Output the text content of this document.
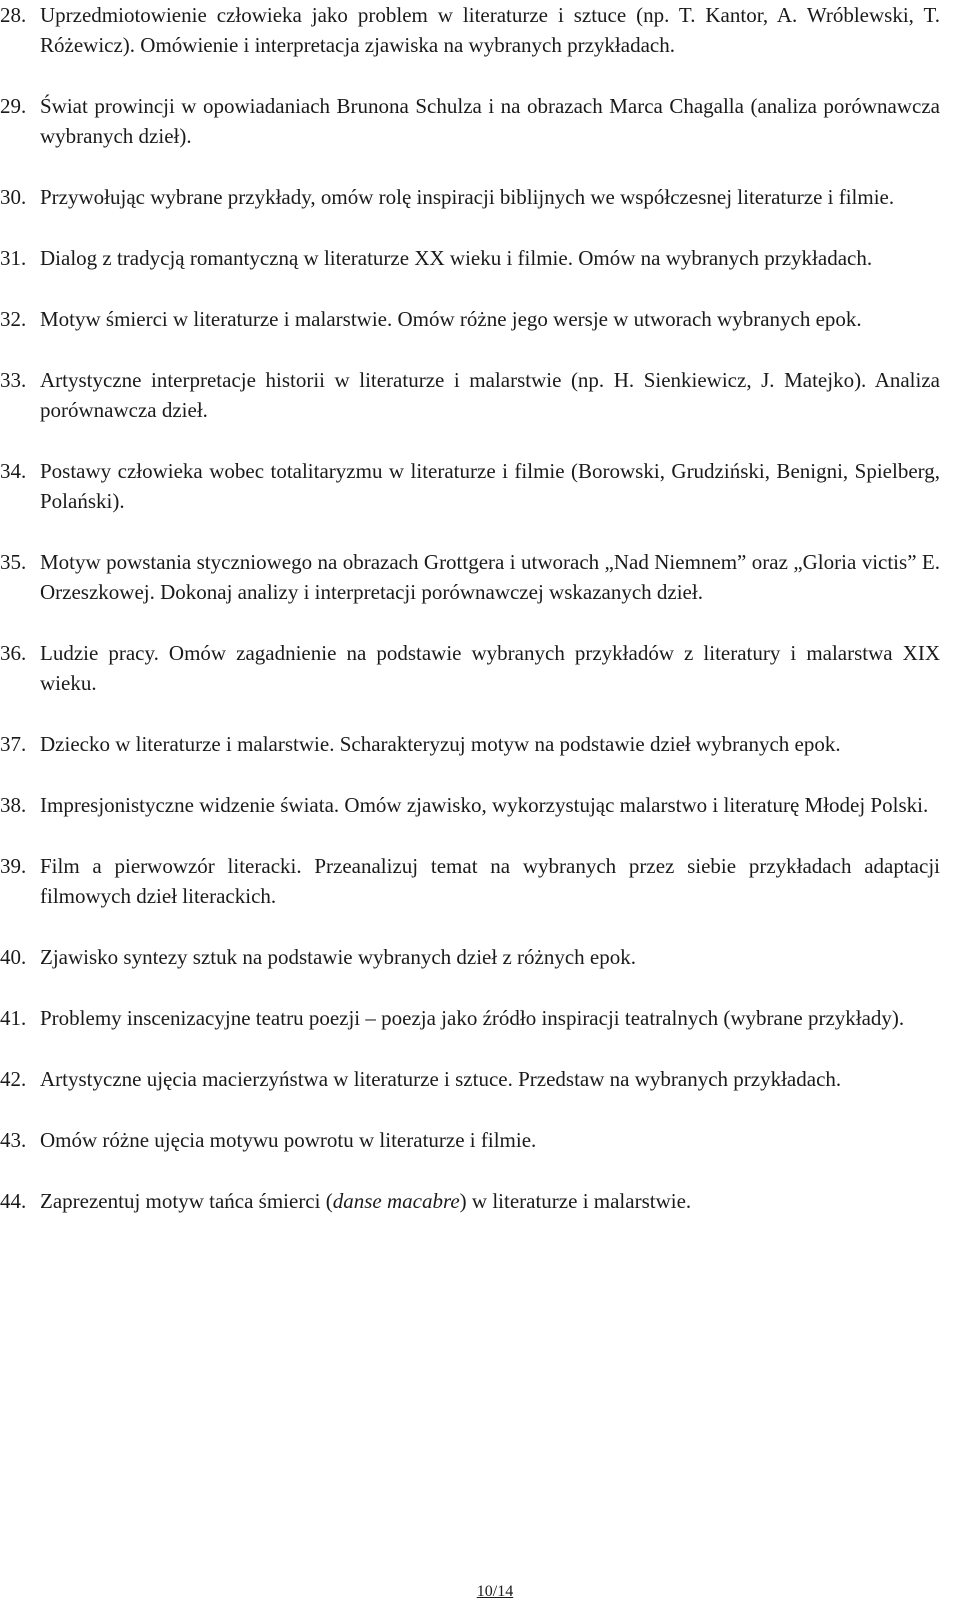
28. Uprzedmiotowienie człowieka jako problem w literaturze i sztuce (np. T. Kantor, A. Wróblewski, T. Różewicz). Omówienie i interpretacja zjawiska na wybranych przykładach.
29. Świat prowincji w opowiadaniach Brunona Schulza i na obrazach Marca Chagalla (analiza porównawcza wybranych dzieł).
30. Przywołując wybrane przykłady, omów rolę inspiracji biblijnych we współczesnej literaturze i filmie.
31. Dialog z tradycją romantyczną w literaturze XX wieku i filmie. Omów na wybranych przykładach.
32. Motyw śmierci w literaturze i malarstwie. Omów różne jego wersje w utworach wybranych epok.
33. Artystyczne interpretacje historii w literaturze i malarstwie (np. H. Sienkiewicz, J. Matejko). Analiza porównawcza dzieł.
34. Postawy człowieka wobec totalitaryzmu w literaturze i filmie (Borowski, Grudziński, Benigni, Spielberg, Polański).
35. Motyw powstania styczniowego na obrazach Grottgera i utworach „Nad Niemnem” oraz „Gloria victis” E. Orzeszkowej. Dokonaj analizy i interpretacji porównawczej wskazanych dzieł.
36. Ludzie pracy. Omów zagadnienie na podstawie wybranych przykładów z literatury i malarstwa XIX wieku.
37. Dziecko w literaturze i malarstwie. Scharakteryzuj motyw na podstawie dzieł wybranych epok.
38. Impresjonistyczne widzenie świata. Omów zjawisko, wykorzystując malarstwo i literaturę Młodej Polski.
39. Film a pierwowzór literacki. Przeanalizuj temat na wybranych przez siebie przykładach adaptacji filmowych dzieł literackich.
40. Zjawisko syntezy sztuk na podstawie wybranych dzieł z różnych epok.
41. Problemy inscenizacyjne teatru poezji – poezja jako źródło inspiracji teatralnych (wybrane przykłady).
42. Artystyczne ujęcia macierzyństwa w literaturze i sztuce. Przedstaw na wybranych przykładach.
43. Omów różne ujęcia motywu powrotu w literaturze i filmie.
44. Zaprezentuj motyw tańca śmierci (danse macabre) w literaturze i malarstwie.
10/14
